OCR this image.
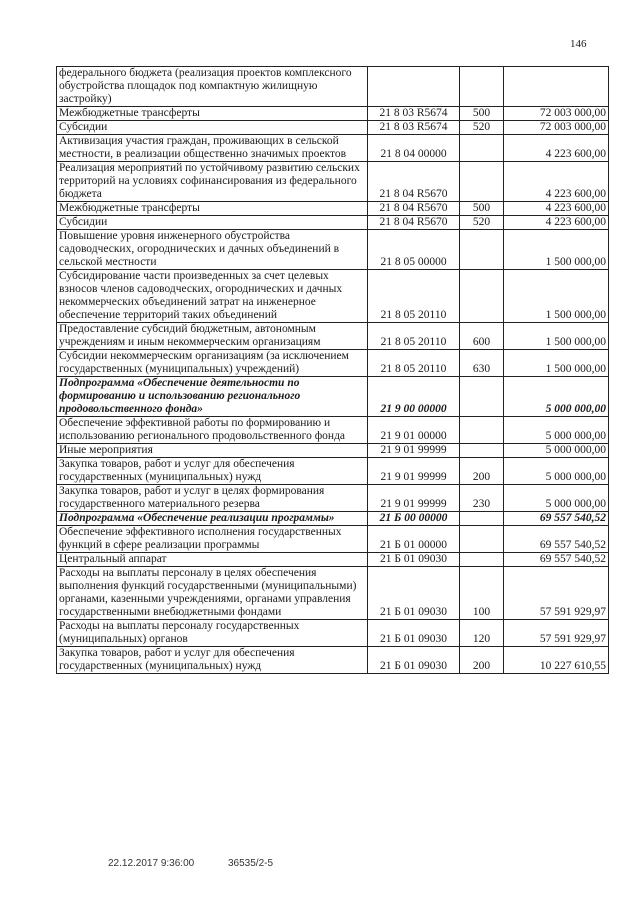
146
федерального бюджета (реализация проектов комплексного обустройства площадок под компактную жилищную застройку)			
Межбюджетные трансферты	21 8 03 R5674	500	72 003 000,00
Субсидии	21 8 03 R5674	520	72 003 000,00
Активизация участия граждан, проживающих в сельской местности, в реализации общественно значимых проектов	21 8 04 00000		4 223 600,00
Реализация мероприятий по устойчивому развитию сельских территорий на условиях софинансирования из федерального бюджета	21 8 04 R5670		4 223 600,00
Межбюджетные трансферты	21 8 04 R5670	500	4 223 600,00
Субсидии	21 8 04 R5670	520	4 223 600,00
Повышение уровня инженерного обустройства садоводческих, огороднических и дачных объединений в сельской местности	21 8 05 00000		1 500 000,00
Субсидирование части произведенных за счет целевых взносов членов садоводческих, огороднических и дачных некоммерческих объединений затрат на инженерное обеспечение территорий таких объединений	21 8 05 20110		1 500 000,00
Предоставление субсидий бюджетным, автономным учреждениям и иным некоммерческим организациям	21 8 05 20110	600	1 500 000,00
Субсидии некоммерческим организациям (за исключением государственных (муниципальных) учреждений)	21 8 05 20110	630	1 500 000,00
Подпрограмма «Обеспечение деятельности по формированию и использованию регионального продовольственного фонда»	21 9 00 00000		5 000 000,00
Обеспечение эффективной работы по формированию и использованию регионального продовольственного фонда	21 9 01 00000		5 000 000,00
Иные мероприятия	21 9 01 99999		5 000 000,00
Закупка товаров, работ и услуг для обеспечения государственных (муниципальных) нужд	21 9 01 99999	200	5 000 000,00
Закупка товаров, работ и услуг в целях формирования государственного материального резерва	21 9 01 99999	230	5 000 000,00
Подпрограмма «Обеспечение реализации программы»	21 Б 00 00000		69 557 540,52
Обеспечение эффективного исполнения государственных функций в сфере реализации программы	21 Б 01 00000		69 557 540,52
Центральный аппарат	21 Б 01 09030		69 557 540,52
Расходы на выплаты персоналу в целях обеспечения выполнения функций государственными (муниципальными) органами, казенными учреждениями, органами управления государственными внебюджетными фондами	21 Б 01 09030	100	57 591 929,97
Расходы на выплаты персоналу государственных (муниципальных) органов	21 Б 01 09030	120	57 591 929,97
Закупка товаров, работ и услуг для обеспечения государственных (муниципальных) нужд	21 Б 01 09030	200	10 227 610,55
22.12.2017 9:36:00	36535/2-5
